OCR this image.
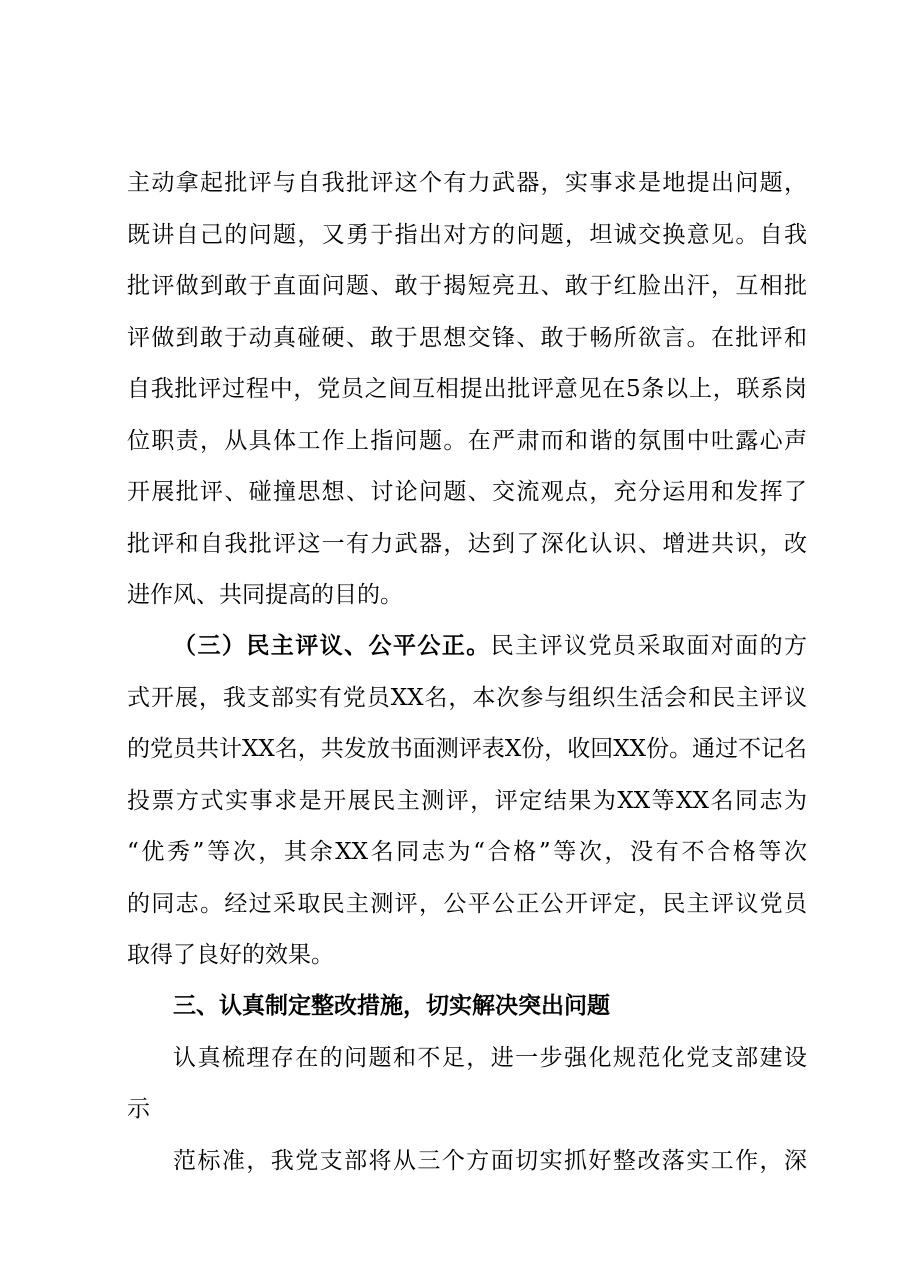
主动拿起批评与自我批评这个有力武器，实事求是地提出问题，
既讲自己的问题，又勇于指出对方的问题，坦诚交换意见。自我
批评做到敢于直面问题、敢于揭短亮丑、敢于红脸出汗，互相批
评做到敢于动真碰硬、敢于思想交锋、敢于畅所欲言。在批评和
自我批评过程中，党员之间互相提出批评意见在5条以上，联系岗
位职责，从具体工作上指问题。在严肃而和谐的氛围中吐露心声
开展批评、碰撞思想、讨论问题、交流观点，充分运用和发挥了
批评和自我批评这一有力武器，达到了深化认识、增进共识，改
进作风、共同提高的目的。
（三）民主评议、公平公正。民主评议党员采取面对面的方
式开展，我支部实有党员XX名，本次参与组织生活会和民主评议
的党员共计XX名，共发放书面测评表X份，收回XX份。通过不记名
投票方式实事求是开展民主测评，评定结果为XX等XX名同志为
“优秀”等次，其余XX名同志为“合格”等次，没有不合格等次
的同志。经过采取民主测评，公平公正公开评定，民主评议党员
取得了良好的效果。
三、认真制定整改措施，切实解决突出问题
认真梳理存在的问题和不足，进一步强化规范化党支部建设
示
范标准，我党支部将从三个方面切实抓好整改落实工作，深
